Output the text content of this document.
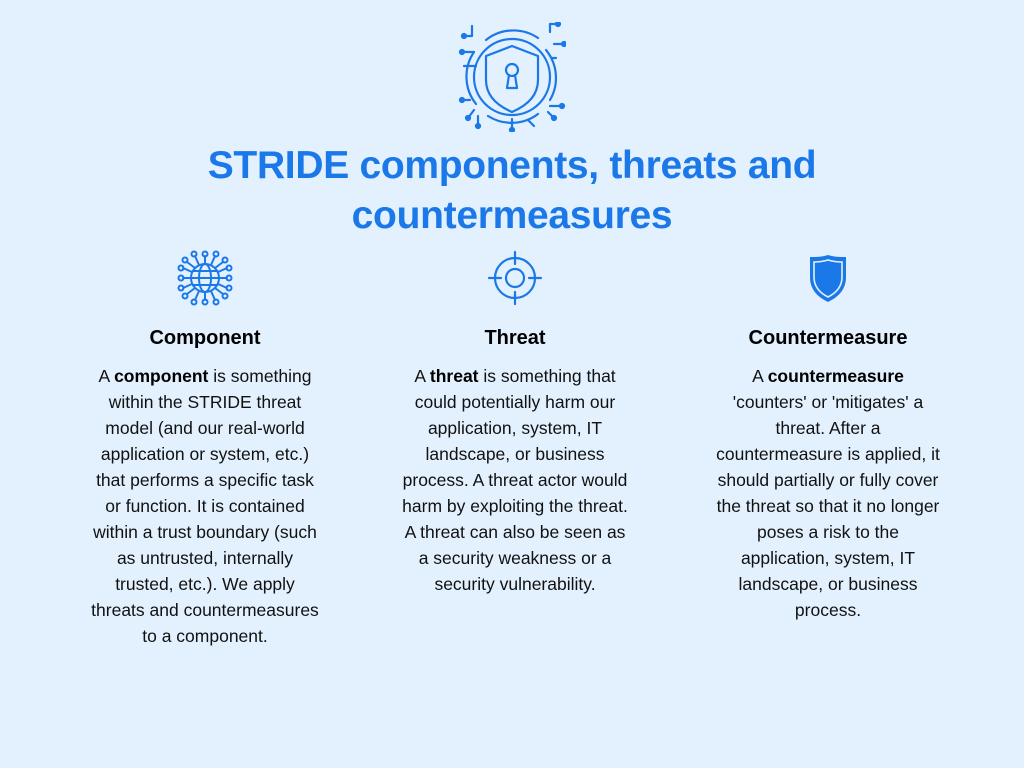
STRIDE components, threats and countermeasures
Component

A component is something within the STRIDE threat model (and our real-world application or system, etc.) that performs a specific task or function. It is contained within a trust boundary (such as untrusted, internally trusted, etc.). We apply threats and countermeasures to a component.

Threat

A threat is something that could potentially harm our application, system, IT landscape, or business process. A threat actor would harm by exploiting the threat. A threat can also be seen as a security weakness or a security vulnerability.

Countermeasure

A countermeasure 'counters' or 'mitigates' a threat. After a countermeasure is applied, it should partially or fully cover the threat so that it no longer poses a risk to the application, system, IT landscape, or business process.
